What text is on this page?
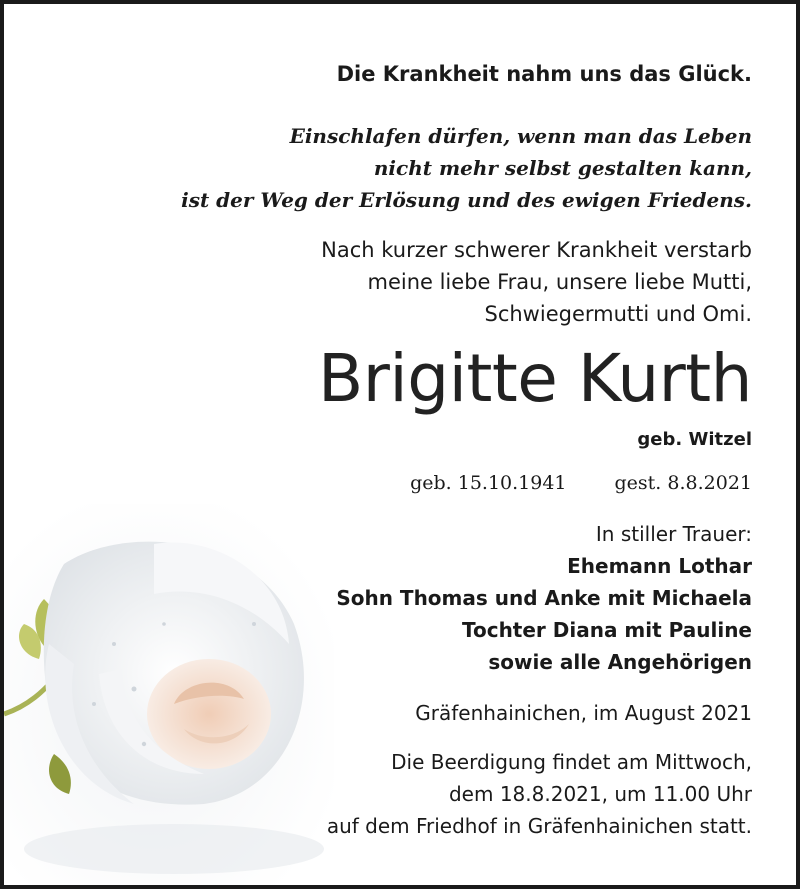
Die Krankheit nahm uns das Glück.
Einschlafen dürfen, wenn man das Leben
nicht mehr selbst gestalten kann,
ist der Weg der Erlösung und des ewigen Friedens.
Nach kurzer schwerer Krankheit verstarb
meine liebe Frau, unsere liebe Mutti,
Schwiegermutti und Omi.
Brigitte Kurth
geb. Witzel
geb. 15.10.1941	gest. 8.8.2021
In stiller Trauer:
Ehemann Lothar
Sohn Thomas und Anke mit Michaela
Tochter Diana mit Pauline
sowie alle Angehörigen
Gräfenhainichen, im August 2021
Die Beerdigung findet am Mittwoch,
dem 18.8.2021, um 11.00 Uhr
auf dem Friedhof in Gräfenhainichen statt.
